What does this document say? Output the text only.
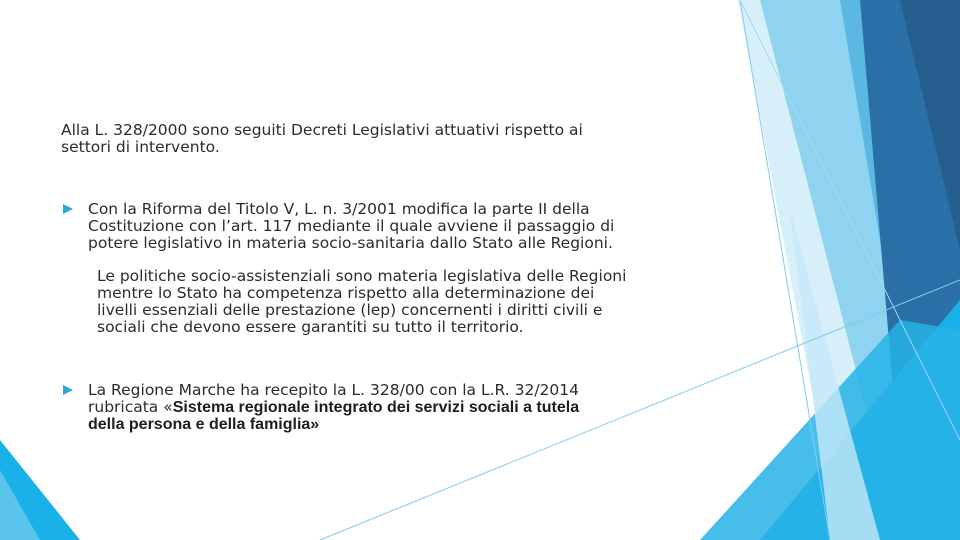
Alla L. 328/2000 sono seguiti Decreti Legislativi attuativi rispetto ai
settori di intervento.
Con la Riforma del Titolo V, L. n. 3/2001 modifica la parte II della
Costituzione con l’art. 117 mediante il quale avviene il passaggio di
potere legislativo in materia socio-sanitaria dallo Stato alle Regioni.
Le politiche socio-assistenziali sono materia legislativa delle Regioni
mentre lo Stato ha competenza rispetto alla determinazione dei
livelli essenziali delle prestazione (lep) concernenti i diritti civili e
sociali che devono essere garantiti su tutto il territorio.
La Regione Marche ha recepito la L. 328/00 con la L.R. 32/2014
rubricata «Sistema regionale integrato dei servizi sociali a tutela
della persona e della famiglia»
